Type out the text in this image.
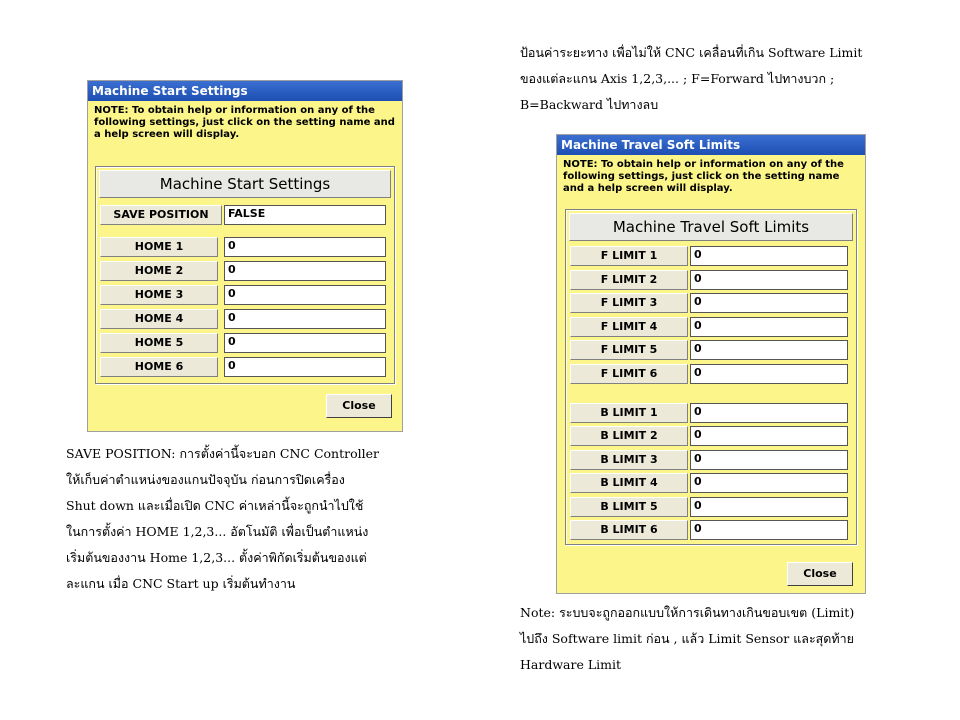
ป้อนค่าระยะทาง เพื่อไม่ให้ CNC เคลื่อนที่เกิน Software Limit
ของแต่ละแกน Axis 1,2,3,... ; F=Forward ไปทางบวก ;
B=Backward ไปทางลบ
Machine Start Settings
NOTE: To obtain help or information on any of the following settings, just click on the setting name and a help screen will display.
Machine Start Settings
SAVE POSITION	FALSE
HOME 1	0
HOME 2	0
HOME 3	0
HOME 4	0
HOME 5	0
HOME 6	0
Close
SAVE POSITION: การตั้งค่านี้จะบอก CNC Controller
ให้เก็บค่าตำแหน่งของแกนปัจจุบัน ก่อนการปิดเครื่อง
Shut down และเมื่อเปิด CNC ค่าเหล่านี้จะถูกนำไปใช้
ในการตั้งค่า HOME 1,2,3... อัตโนมัติ เพื่อเป็นตำแหน่ง
เริ่มต้นของงาน Home 1,2,3... ตั้งค่าพิกัดเริ่มต้นของแต่
ละแกน เมื่อ CNC Start up เริ่มต้นทำงาน
Machine Travel Soft Limits
NOTE: To obtain help or information on any of the following settings, just click on the setting name and a help screen will display.
Machine Travel Soft Limits
F LIMIT 1	0
F LIMIT 2	0
F LIMIT 3	0
F LIMIT 4	0
F LIMIT 5	0
F LIMIT 6	0
B LIMIT 1	0
B LIMIT 2	0
B LIMIT 3	0
B LIMIT 4	0
B LIMIT 5	0
B LIMIT 6	0
Close
Note: ระบบจะถูกออกแบบให้การเดินทางเกินขอบเขต (Limit)
ไปถึง Software limit ก่อน , แล้ว Limit Sensor และสุดท้าย
Hardware Limit
